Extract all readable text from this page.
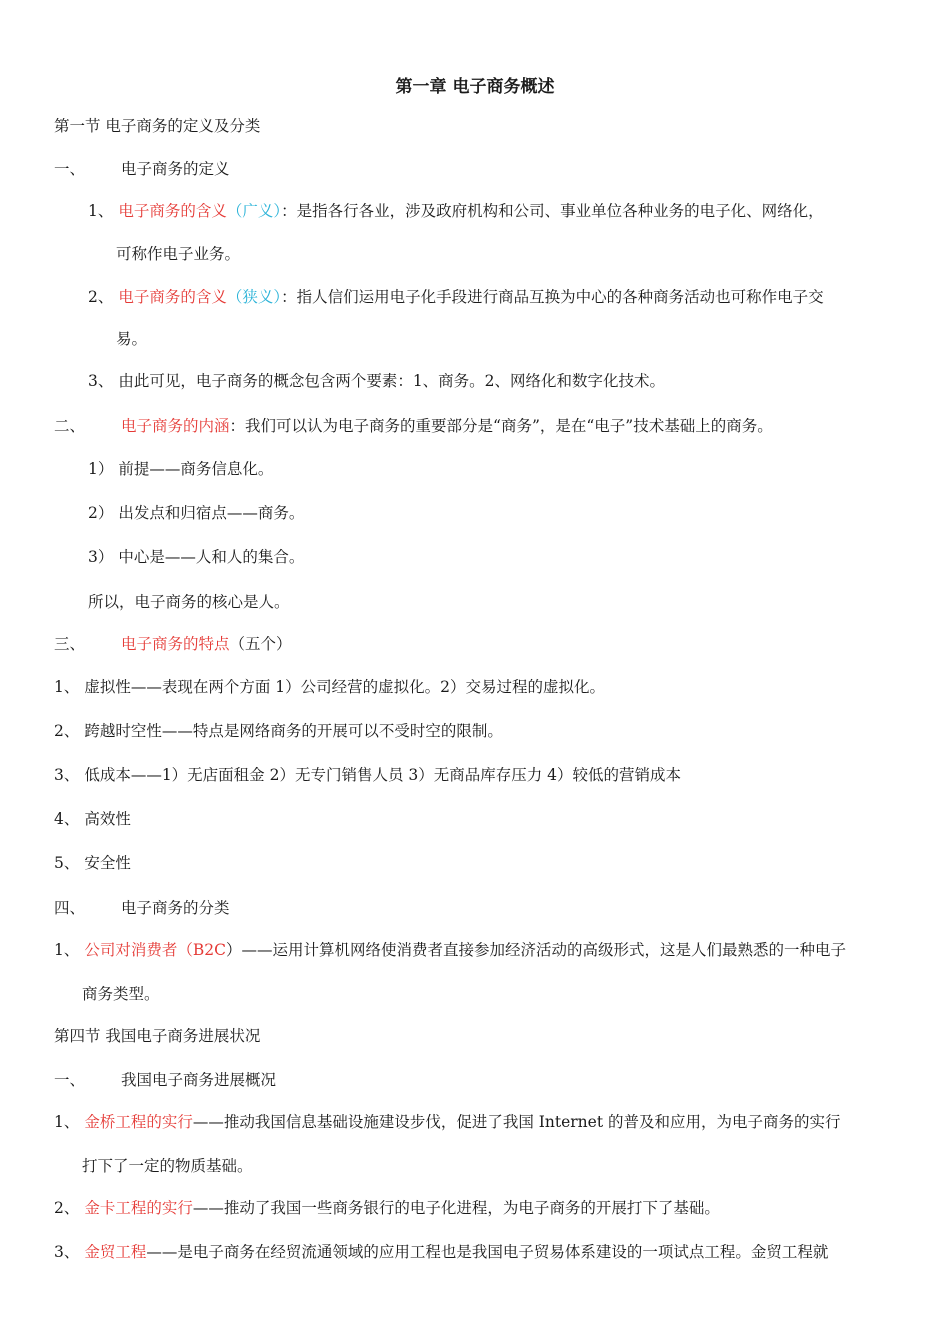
第一章 电子商务概述
第一节 电子商务的定义及分类
一、 电子商务的定义
1、 电子商务的含义（广义）：是指各行各业，涉及政府机构和公司、事业单位各种业务的电子化、网络化，
可称作电子业务。
2、 电子商务的含义（狭义）：指人信们运用电子化手段进行商品互换为中心的各种商务活动也可称作电子交
易。
3、 由此可见，电子商务的概念包含两个要素：1、商务。2、网络化和数字化技术。
二、 电子商务的内涵：我们可以认为电子商务的重要部分是“商务”，是在“电子”技术基础上的商务。
1） 前提——商务信息化。
2） 出发点和归宿点——商务。
3） 中心是——人和人的集合。
所以，电子商务的核心是人。
三、 电子商务的特点（五个）
1、 虚拟性——表现在两个方面 1）公司经营的虚拟化。2）交易过程的虚拟化。
2、 跨越时空性——特点是网络商务的开展可以不受时空的限制。
3、 低成本——1）无店面租金 2）无专门销售人员 3）无商品库存压力 4）较低的营销成本
4、 高效性
5、 安全性
四、 电子商务的分类
1、 公司对消费者（B2C）——运用计算机网络使消费者直接参加经济活动的高级形式，这是人们最熟悉的一种电子
商务类型。
第四节 我国电子商务进展状况
一、 我国电子商务进展概况
1、 金桥工程的实行——推动我国信息基础设施建设步伐，促进了我国 Internet 的普及和应用，为电子商务的实行
打下了一定的物质基础。
2、 金卡工程的实行——推动了我国一些商务银行的电子化进程，为电子商务的开展打下了基础。
3、 金贸工程——是电子商务在经贸流通领域的应用工程也是我国电子贸易体系建设的一项试点工程。金贸工程就
